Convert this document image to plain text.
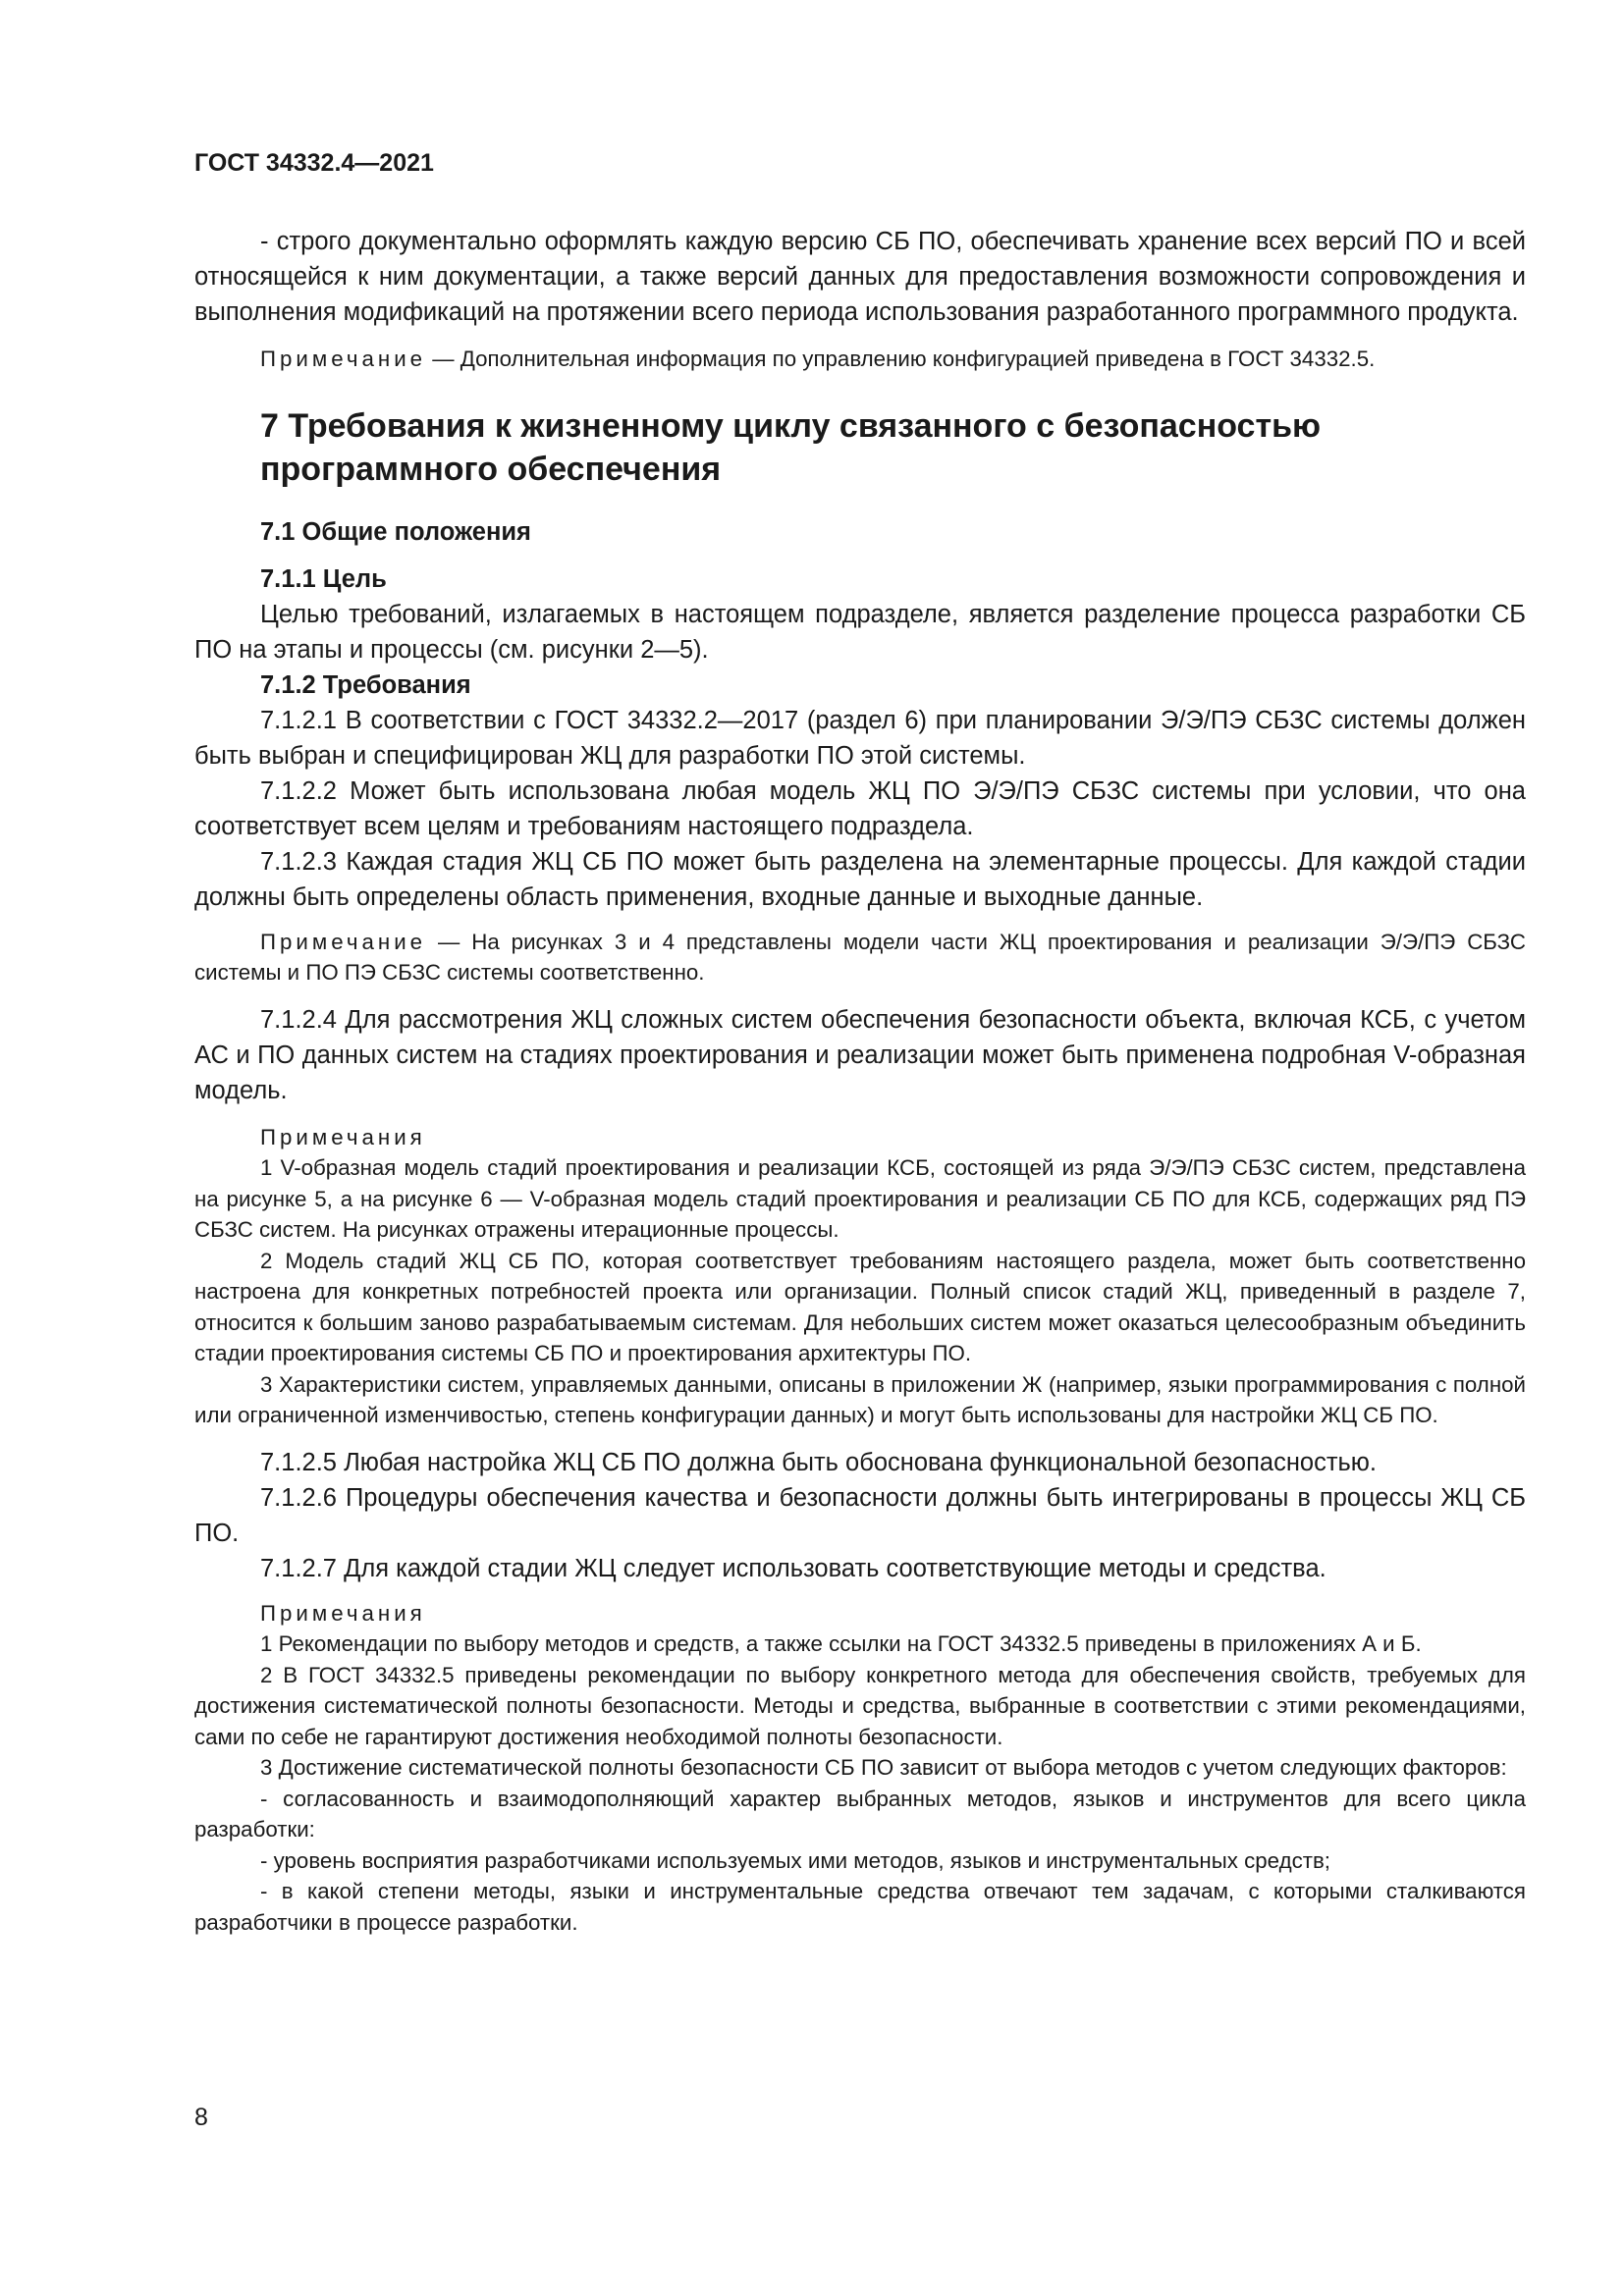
ГОСТ 34332.4—2021

- строго документально оформлять каждую версию СБ ПО, обеспечивать хранение всех версий ПО и всей относящейся к ним документации, а также версий данных для предоставления возможности сопровождения и выполнения модификаций на протяжении всего периода использования разработанного программного продукта.

Примечание — Дополнительная информация по управлению конфигурацией приведена в ГОСТ 34332.5.

7 Требования к жизненному циклу связанного с безопасностью

программного обеспечения

7.1 Общие положения

7.1.1 Цель

Целью требований, излагаемых в настоящем подразделе, является разделение процесса разработки СБ ПО на этапы и процессы (см. рисунки 2—5).

7.1.2 Требования

7.1.2.1 В соответствии с ГОСТ 34332.2—2017 (раздел 6) при планировании Э/Э/ПЭ СБЗС системы должен быть выбран и специфицирован ЖЦ для разработки ПО этой системы.

7.1.2.2 Может быть использована любая модель ЖЦ ПО Э/Э/ПЭ СБЗС системы при условии, что она соответствует всем целям и требованиям настоящего подраздела.

7.1.2.3 Каждая стадия ЖЦ СБ ПО может быть разделена на элементарные процессы. Для каждой стадии должны быть определены область применения, входные данные и выходные данные.

Примечание — На рисунках 3 и 4 представлены модели части ЖЦ проектирования и реализации Э/Э/ПЭ СБЗС системы и ПО ПЭ СБЗС системы соответственно.

7.1.2.4 Для рассмотрения ЖЦ сложных систем обеспечения безопасности объекта, включая КСБ, с учетом АС и ПО данных систем на стадиях проектирования и реализации может быть применена подробная V-образная модель.

Примечания

1 V-образная модель стадий проектирования и реализации КСБ, состоящей из ряда Э/Э/ПЭ СБЗС систем, представлена на рисунке 5, а на рисунке 6 — V-образная модель стадий проектирования и реализации СБ ПО для КСБ, содержащих ряд ПЭ СБЗС систем. На рисунках отражены итерационные процессы.

2 Модель стадий ЖЦ СБ ПО, которая соответствует требованиям настоящего раздела, может быть соответственно настроена для конкретных потребностей проекта или организации. Полный список стадий ЖЦ, приведенный в разделе 7, относится к большим заново разрабатываемым системам. Для небольших систем может оказаться целесообразным объединить стадии проектирования системы СБ ПО и проектирования архитектуры ПО.

3 Характеристики систем, управляемых данными, описаны в приложении Ж (например, языки программирования с полной или ограниченной изменчивостью, степень конфигурации данных) и могут быть использованы для настройки ЖЦ СБ ПО.

7.1.2.5 Любая настройка ЖЦ СБ ПО должна быть обоснована функциональной безопасностью.

7.1.2.6 Процедуры обеспечения качества и безопасности должны быть интегрированы в процессы ЖЦ СБ ПО.

7.1.2.7 Для каждой стадии ЖЦ следует использовать соответствующие методы и средства.

Примечания

1 Рекомендации по выбору методов и средств, а также ссылки на ГОСТ 34332.5 приведены в приложениях А и Б.

2 В ГОСТ 34332.5 приведены рекомендации по выбору конкретного метода для обеспечения свойств, требуемых для достижения систематической полноты безопасности. Методы и средства, выбранные в соответствии с этими рекомендациями, сами по себе не гарантируют достижения необходимой полноты безопасности.

3 Достижение систематической полноты безопасности СБ ПО зависит от выбора методов с учетом следующих факторов:

- согласованность и взаимодополняющий характер выбранных методов, языков и инструментов для всего цикла разработки:

- уровень восприятия разработчиками используемых ими методов, языков и инструментальных средств;

- в какой степени методы, языки и инструментальные средства отвечают тем задачам, с которыми сталкиваются разработчики в процессе разработки.

8
